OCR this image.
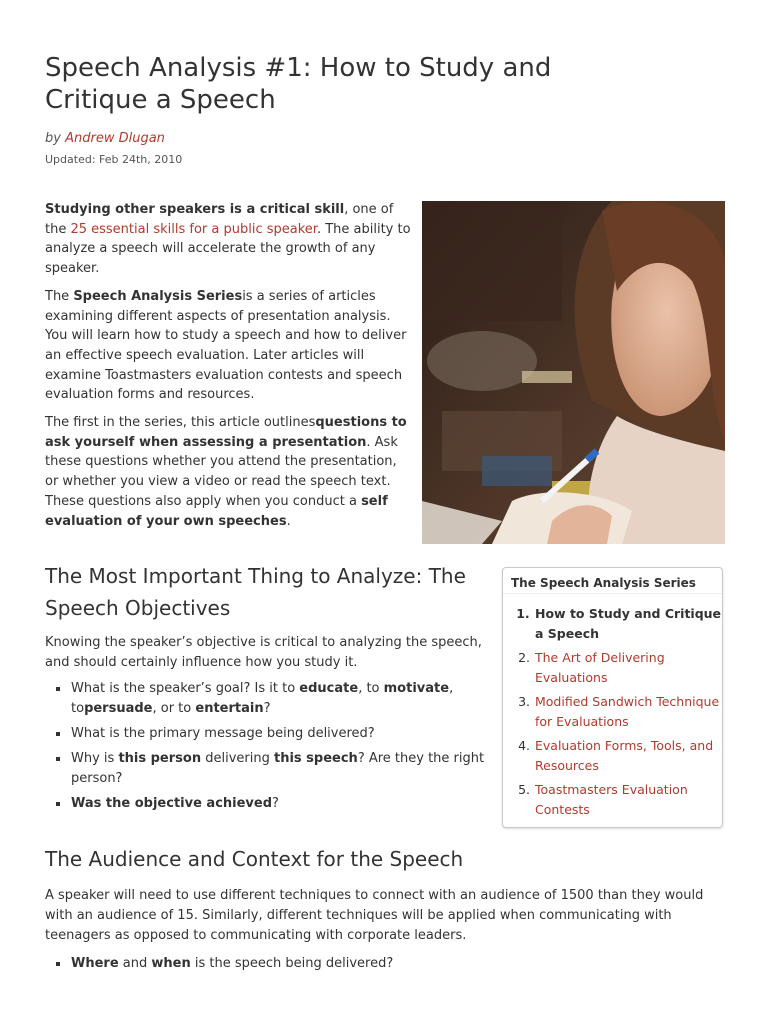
Speech Analysis #1: How to Study and Critique a Speech
by Andrew Dlugan
Updated: Feb 24th, 2010

Studying other speakers is a critical skill, one of the 25 essential skills for a public speaker. The ability to analyze a speech will accelerate the growth of any speaker.

The Speech Analysis Seriesis a series of articles examining different aspects of presentation analysis. You will learn how to study a speech and how to deliver an effective speech evaluation. Later articles will examine Toastmasters evaluation contests and speech evaluation forms and resources.

The first in the series, this article outlinesquestions to ask yourself when assessing a presentation. Ask these questions whether you attend the presentation, or whether you view a video or read the speech text. These questions also apply when you conduct a self evaluation of your own speeches.

The Most Important Thing to Analyze: The Speech Objectives

Knowing the speaker’s objective is critical to analyzing the speech, and should certainly influence how you study it.

What is the speaker’s goal? Is it to educate, to motivate, topersuade, or to entertain?
What is the primary message being delivered?
Why is this person delivering this speech? Are they the right person?
Was the objective achieved?
The Speech Analysis Series
1. How to Study and Critique a Speech
2. The Art of Delivering Evaluations
3. Modified Sandwich Technique for Evaluations
4. Evaluation Forms, Tools, and Resources
5. Toastmasters Evaluation Contests
The Audience and Context for the Speech

A speaker will need to use different techniques to connect with an audience of 1500 than they would with an audience of 15. Similarly, different techniques will be applied when communicating with teenagers as opposed to communicating with corporate leaders.

Where and when is the speech being delivered?
